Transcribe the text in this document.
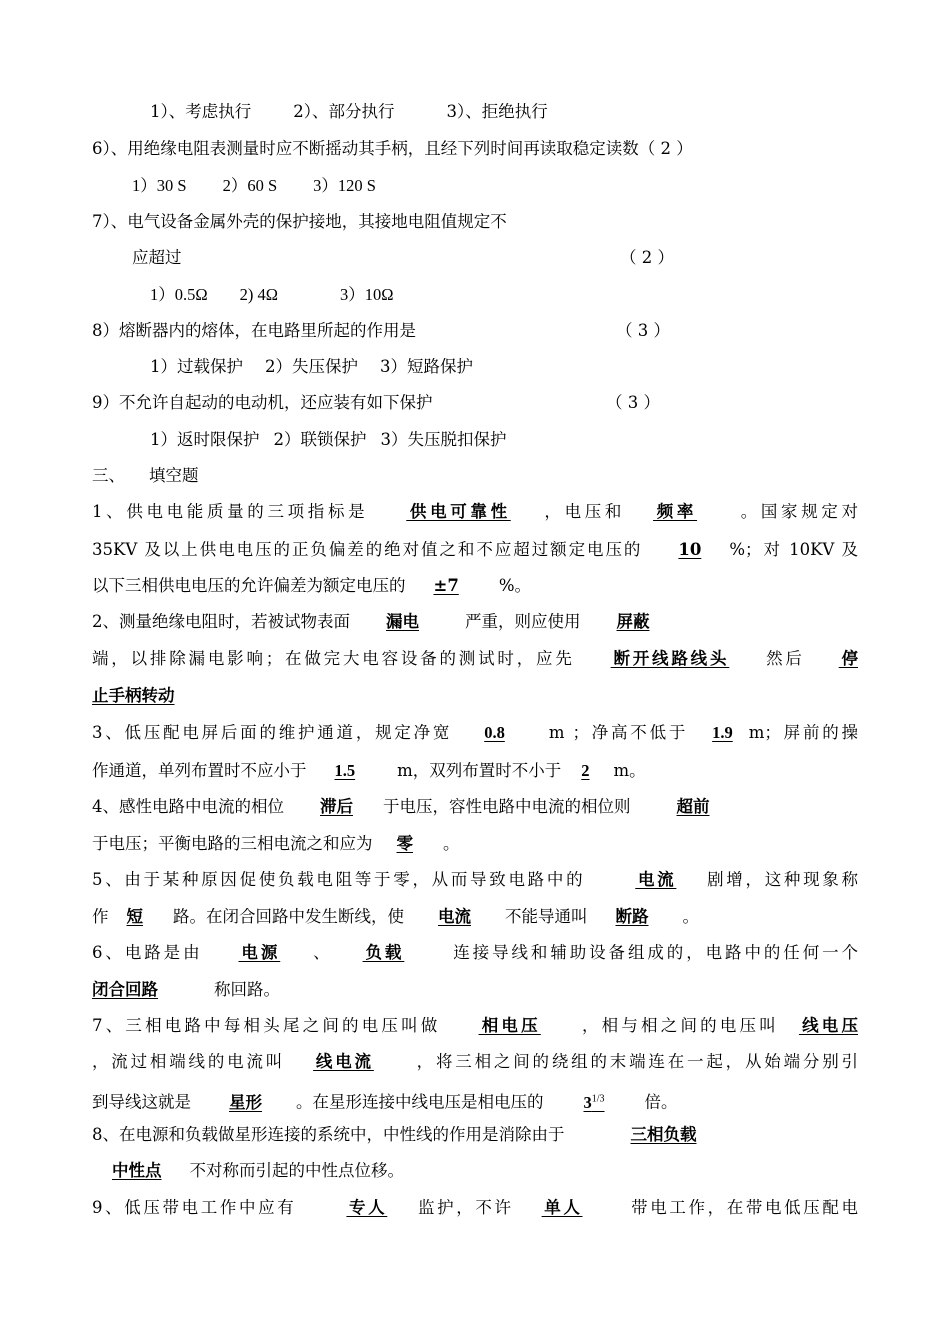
1）、考虑执行	2）、部分执行	3）、拒绝执行
6）、用绝缘电阻表测量时应不断摇动其手柄，且经下列时间再读取稳定读数（ 2 ）
1）30 S 2）60 S 3）120 S
7）、电气设备金属外壳的保护接地，其接地电阻值规定不
应超过	（ 2 ）
1）0.5Ω 2) 4Ω	3）10Ω
8）熔断器内的熔体，在电路里所起的作用是	（ 3 ）
1）过载保护 2）失压保护 3）短路保护
9）不允许自起动的电动机，还应装有如下保护	（ 3 ）
1）返时限保护 2）联锁保护 3）失压脱扣保护
三、 填空题
1、供电电能质量的三项指标是 供电可靠性 ，电压和 频率 。国家规定对
35KV 及以上供电电压的正负偏差的绝对值之和不应超过额定电压的 10 %；对 10KV 及
以下三相供电电压的允许偏差为额定电压的 ±7 %。
2、测量绝缘电阻时，若被试物表面 漏电	严重，则应使用 屏蔽
端，以排除漏电影响；在做完大电容设备的测试时，应先 断开线路线头 然后 停
止手柄转动
3、低压配电屏后面的维护通道，规定净宽 0.8	m ；净高不低于 1.9 m；屏前的操
作通道，单列布置时不应小于 1.5	m，双列布置时不小于 2 m。
4、感性电路中电流的相位 滞后 于电压，容性电路中电流的相位则	超前
于电压；平衡电路的三相电流之和应为 零 。
5、由于某种原因促使负载电阻等于零，从而导致电路中的	电流 剧增，这种现象称
作 短 路。在闭合回路中发生断线，使 电流 不能导通叫 断路 。
6、电路是由 电源 、 负载	连接导线和辅助设备组成的，电路中的任何一个
闭合回路	称回路。
7、三相电路中每相头尾之间的电压叫做 相电压 ，相与相之间的电压叫 线电压
，流过相端线的电流叫 线电流 ，将三相之间的绕组的末端连在一起，从始端分别引
到导线这就是 星形 。在星形连接中线电压是相电压的 $3^{1/3}$ 倍。
8、在电源和负载做星形连接的系统中，中性线的作用是消除由于	三相负载
中性点 不对称而引起的中性点位移。
9、低压带电工作中应有	专人 监护，不许 单人	带电工作，在带电低压配电
